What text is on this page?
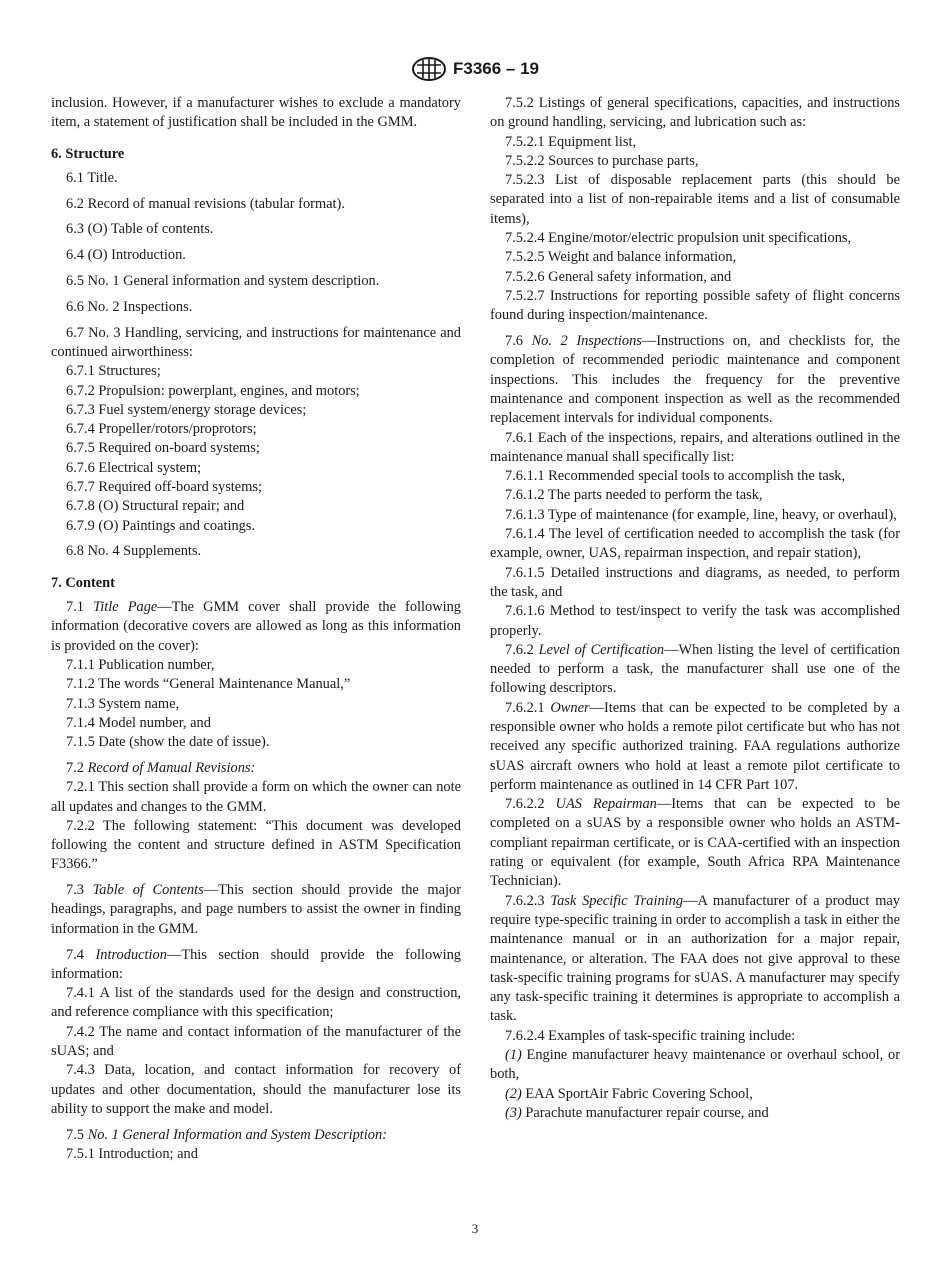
F3366 – 19

inclusion. However, if a manufacturer wishes to exclude a mandatory item, a statement of justification shall be included in the GMM.

6. Structure

6.1 Title.

6.2 Record of manual revisions (tabular format).

6.3 (O) Table of contents.

6.4 (O) Introduction.

6.5 No. 1 General information and system description.

6.6 No. 2 Inspections.

6.7 No. 3 Handling, servicing, and instructions for maintenance and continued airworthiness:

6.7.1 Structures;

6.7.2 Propulsion: powerplant, engines, and motors;

6.7.3 Fuel system/energy storage devices;

6.7.4 Propeller/rotors/proprotors;

6.7.5 Required on-board systems;

6.7.6 Electrical system;

6.7.7 Required off-board systems;

6.7.8 (O) Structural repair; and

6.7.9 (O) Paintings and coatings.

6.8 No. 4 Supplements.

7. Content

7.1 Title Page—The GMM cover shall provide the following information (decorative covers are allowed as long as this information is provided on the cover):

7.1.1 Publication number,

7.1.2 The words “General Maintenance Manual,”

7.1.3 System name,

7.1.4 Model number, and

7.1.5 Date (show the date of issue).

7.2 Record of Manual Revisions:

7.2.1 This section shall provide a form on which the owner can note all updates and changes to the GMM.

7.2.2 The following statement: “This document was developed following the content and structure defined in ASTM Specification F3366.”

7.3 Table of Contents—This section should provide the major headings, paragraphs, and page numbers to assist the owner in finding information in the GMM.

7.4 Introduction—This section should provide the following information:

7.4.1 A list of the standards used for the design and construction, and reference compliance with this specification;

7.4.2 The name and contact information of the manufacturer of the sUAS; and

7.4.3 Data, location, and contact information for recovery of updates and other documentation, should the manufacturer lose its ability to support the make and model.

7.5 No. 1 General Information and System Description:

7.5.1 Introduction; and

7.5.2 Listings of general specifications, capacities, and instructions on ground handling, servicing, and lubrication such as:

7.5.2.1 Equipment list,

7.5.2.2 Sources to purchase parts,

7.5.2.3 List of disposable replacement parts (this should be separated into a list of non-repairable items and a list of consumable items),

7.5.2.4 Engine/motor/electric propulsion unit specifications,

7.5.2.5 Weight and balance information,

7.5.2.6 General safety information, and

7.5.2.7 Instructions for reporting possible safety of flight concerns found during inspection/maintenance.

7.6 No. 2 Inspections—Instructions on, and checklists for, the completion of recommended periodic maintenance and component inspections. This includes the frequency for the preventive maintenance and component inspection as well as the recommended replacement intervals for individual components.

7.6.1 Each of the inspections, repairs, and alterations outlined in the maintenance manual shall specifically list:

7.6.1.1 Recommended special tools to accomplish the task,

7.6.1.2 The parts needed to perform the task,

7.6.1.3 Type of maintenance (for example, line, heavy, or overhaul),

7.6.1.4 The level of certification needed to accomplish the task (for example, owner, UAS, repairman inspection, and repair station),

7.6.1.5 Detailed instructions and diagrams, as needed, to perform the task, and

7.6.1.6 Method to test/inspect to verify the task was accomplished properly.

7.6.2 Level of Certification—When listing the level of certification needed to perform a task, the manufacturer shall use one of the following descriptors.

7.6.2.1 Owner—Items that can be expected to be completed by a responsible owner who holds a remote pilot certificate but who has not received any specific authorized training. FAA regulations authorize sUAS aircraft owners who hold at least a remote pilot certificate to perform maintenance as outlined in 14 CFR Part 107.

7.6.2.2 UAS Repairman—Items that can be expected to be completed on a sUAS by a responsible owner who holds an ASTM-compliant repairman certificate, or is CAA-certified with an inspection rating or equivalent (for example, South Africa RPA Maintenance Technician).

7.6.2.3 Task Specific Training—A manufacturer of a product may require type-specific training in order to accomplish a task in either the maintenance manual or in an authorization for a major repair, maintenance, or alteration. The FAA does not give approval to these task-specific training programs for sUAS. A manufacturer may specify any task-specific training it determines is appropriate to accomplish a task.

7.6.2.4 Examples of task-specific training include:

(1) Engine manufacturer heavy maintenance or overhaul school, or both,

(2) EAA SportAir Fabric Covering School,

(3) Parachute manufacturer repair course, and

3
